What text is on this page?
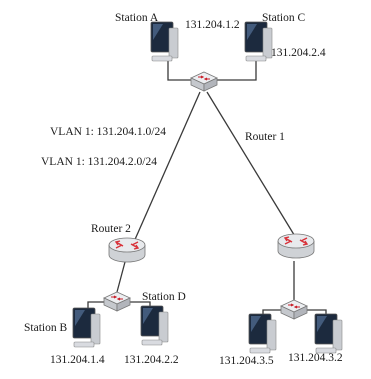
Station A
131.204.1.2
Station C
131.204.2.4
VLAN 1: 131.204.1.0/24
VLAN 1: 131.204.2.0/24
Router 1
Router 2
Station D
Station B
131.204.1.4 131.204.2.2	131.204.3.5 131.204.3.2
